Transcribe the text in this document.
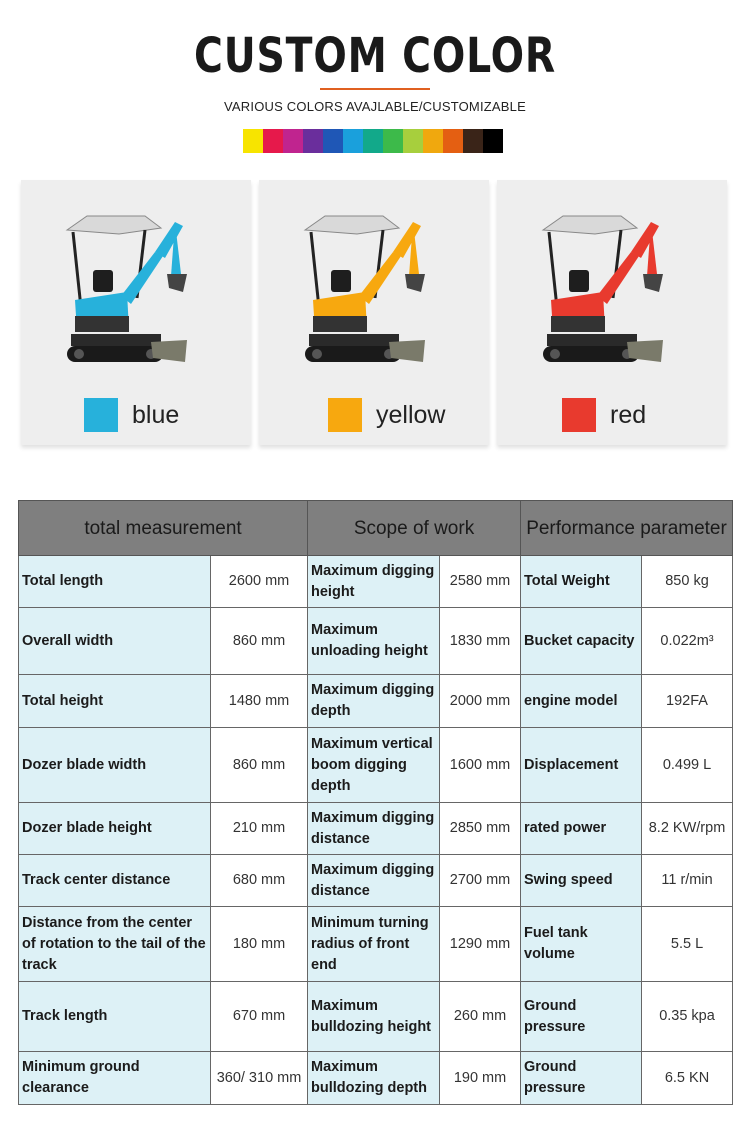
CUSTOM COLOR
VARIOUS COLORS AVAJLABLE/CUSTOMIZABLE
blue	yellow	red
total measurement		Scope of work		Performance parameter	
Total length	2600 mm	Maximum digging height	2580 mm	Total Weight	850 kg
Overall width	860 mm	Maximum unloading height	1830 mm	Bucket capacity	0.022m³
Total height	1480 mm	Maximum digging depth	2000 mm	engine model	192FA
Dozer blade width	860 mm	Maximum vertical boom digging depth	1600 mm	Displacement	0.499 L
Dozer blade height	210 mm	Maximum digging distance	2850 mm	rated power	8.2 KW/rpm
Track center distance	680 mm	Maximum digging distance	2700 mm	Swing speed	11 r/min
Distance from the center of rotation to the tail of the track	180 mm	Minimum turning radius of front end	1290 mm	Fuel tank volume	5.5 L
Track length	670 mm	Maximum bulldozing height	260 mm	Ground pressure	0.35 kpa
Minimum ground clearance	360/ 310 mm	Maximum bulldozing depth	190 mm	Ground pressure	6.5 KN
